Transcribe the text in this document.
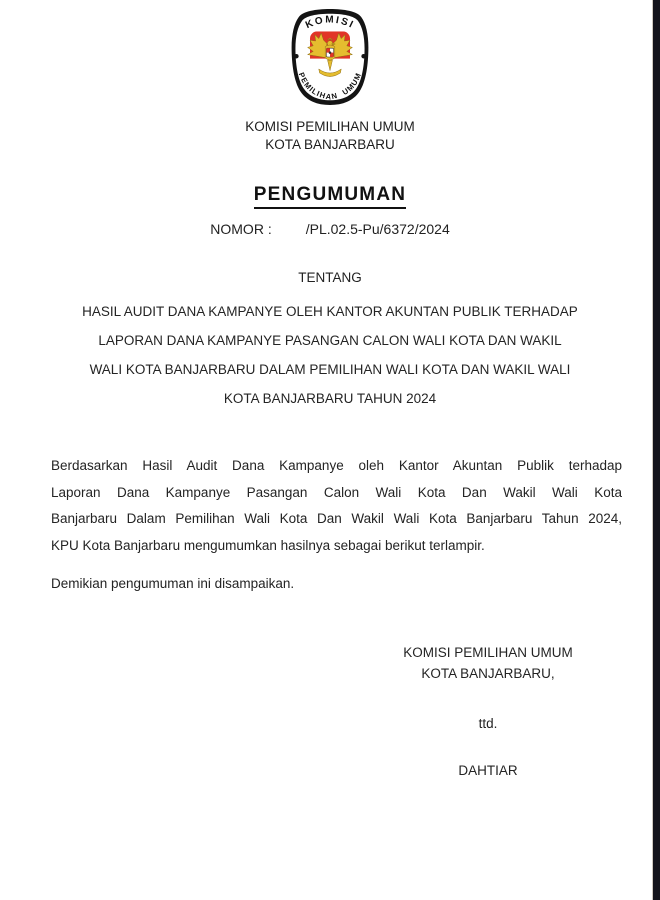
KOMISI
PEMILIHAN UMUM
KOMISI PEMILIHAN UMUM
KOTA BANJARBARU
PENGUMUMAN
NOMOR : /PL.02.5-Pu/6372/2024
TENTANG
HASIL AUDIT DANA KAMPANYE OLEH KANTOR AKUNTAN PUBLIK TERHADAP
LAPORAN DANA KAMPANYE PASANGAN CALON WALI KOTA DAN WAKIL
WALI KOTA BANJARBARU DALAM PEMILIHAN WALI KOTA DAN WAKIL WALI
KOTA BANJARBARU TAHUN 2024
Berdasarkan Hasil Audit Dana Kampanye oleh Kantor Akuntan Publik terhadap
Laporan Dana Kampanye Pasangan Calon Wali Kota Dan Wakil Wali Kota
Banjarbaru Dalam Pemilihan Wali Kota Dan Wakil Wali Kota Banjarbaru Tahun 2024,
KPU Kota Banjarbaru mengumumkan hasilnya sebagai berikut terlampir.
Demikian pengumuman ini disampaikan.
KOMISI PEMILIHAN UMUM
KOTA BANJARBARU,
ttd.
DAHTIAR
